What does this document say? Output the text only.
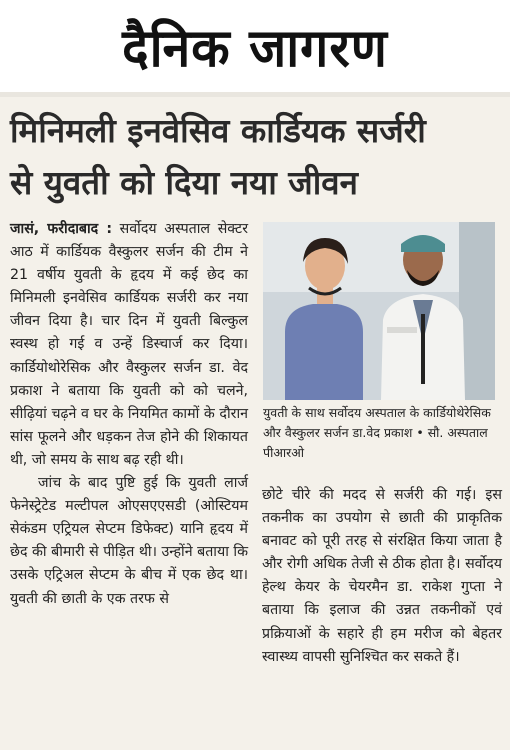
दैनिक जागरण
मिनिमली इनवेसिव कार्डियक सर्जरी
से युवती को दिया नया जीवन

जासं, फरीदाबाद : सर्वोदय अस्पताल सेक्टर आठ में कार्डियक वैस्कुलर सर्जन की टीम ने 21 वर्षीय युवती के हृदय में कई छेद का मिनिमली इनवेसिव कार्डियक सर्जरी कर नया जीवन दिया है। चार दिन में युवती बिल्कुल स्वस्थ हो गई व उन्हें डिस्चार्ज कर दिया। कार्डियोथोरेसिक और वैस्कुलर सर्जन डा. वेद प्रकाश ने बताया कि युवती को को चलने, सीढ़ियां चढ़ने व घर के नियमित कामों के दौरान सांस फूलने और धड़कन तेज होने की शिकायत थी, जो समय के साथ बढ़ रही थी।

जांच के बाद पुष्टि हुई कि युवती लार्ज फेनेस्ट्रेटेड मल्टीपल ओएसएएसडी (ओस्टियम सेकंडम एट्रियल सेप्टम डिफेक्ट) यानि हृदय में छेद की बीमारी से पीड़ित थी। उन्होंने बताया कि उसके एट्रिअल सेप्टम के बीच में एक छेद था। युवती की छाती के एक तरफ से

युवती के साथ सर्वोदय अस्पताल के कार्डियोथेरेसिक और वैस्कुलर सर्जन डा.वेद प्रकाश • सौ. अस्पताल पीआरओ

छोटे चीरे की मदद से सर्जरी की गई। इस तकनीक का उपयोग से छाती की प्राकृतिक बनावट को पूरी तरह से संरक्षित किया जाता है और रोगी अधिक तेजी से ठीक होता है। सर्वोदय हेल्थ केयर के चेयरमैन डा. राकेश गुप्ता ने बताया कि इलाज की उन्नत तकनीकों एवं प्रक्रियाओं के सहारे ही हम मरीज को बेहतर स्वास्थ्य वापसी सुनिश्चित कर सकते हैं।
